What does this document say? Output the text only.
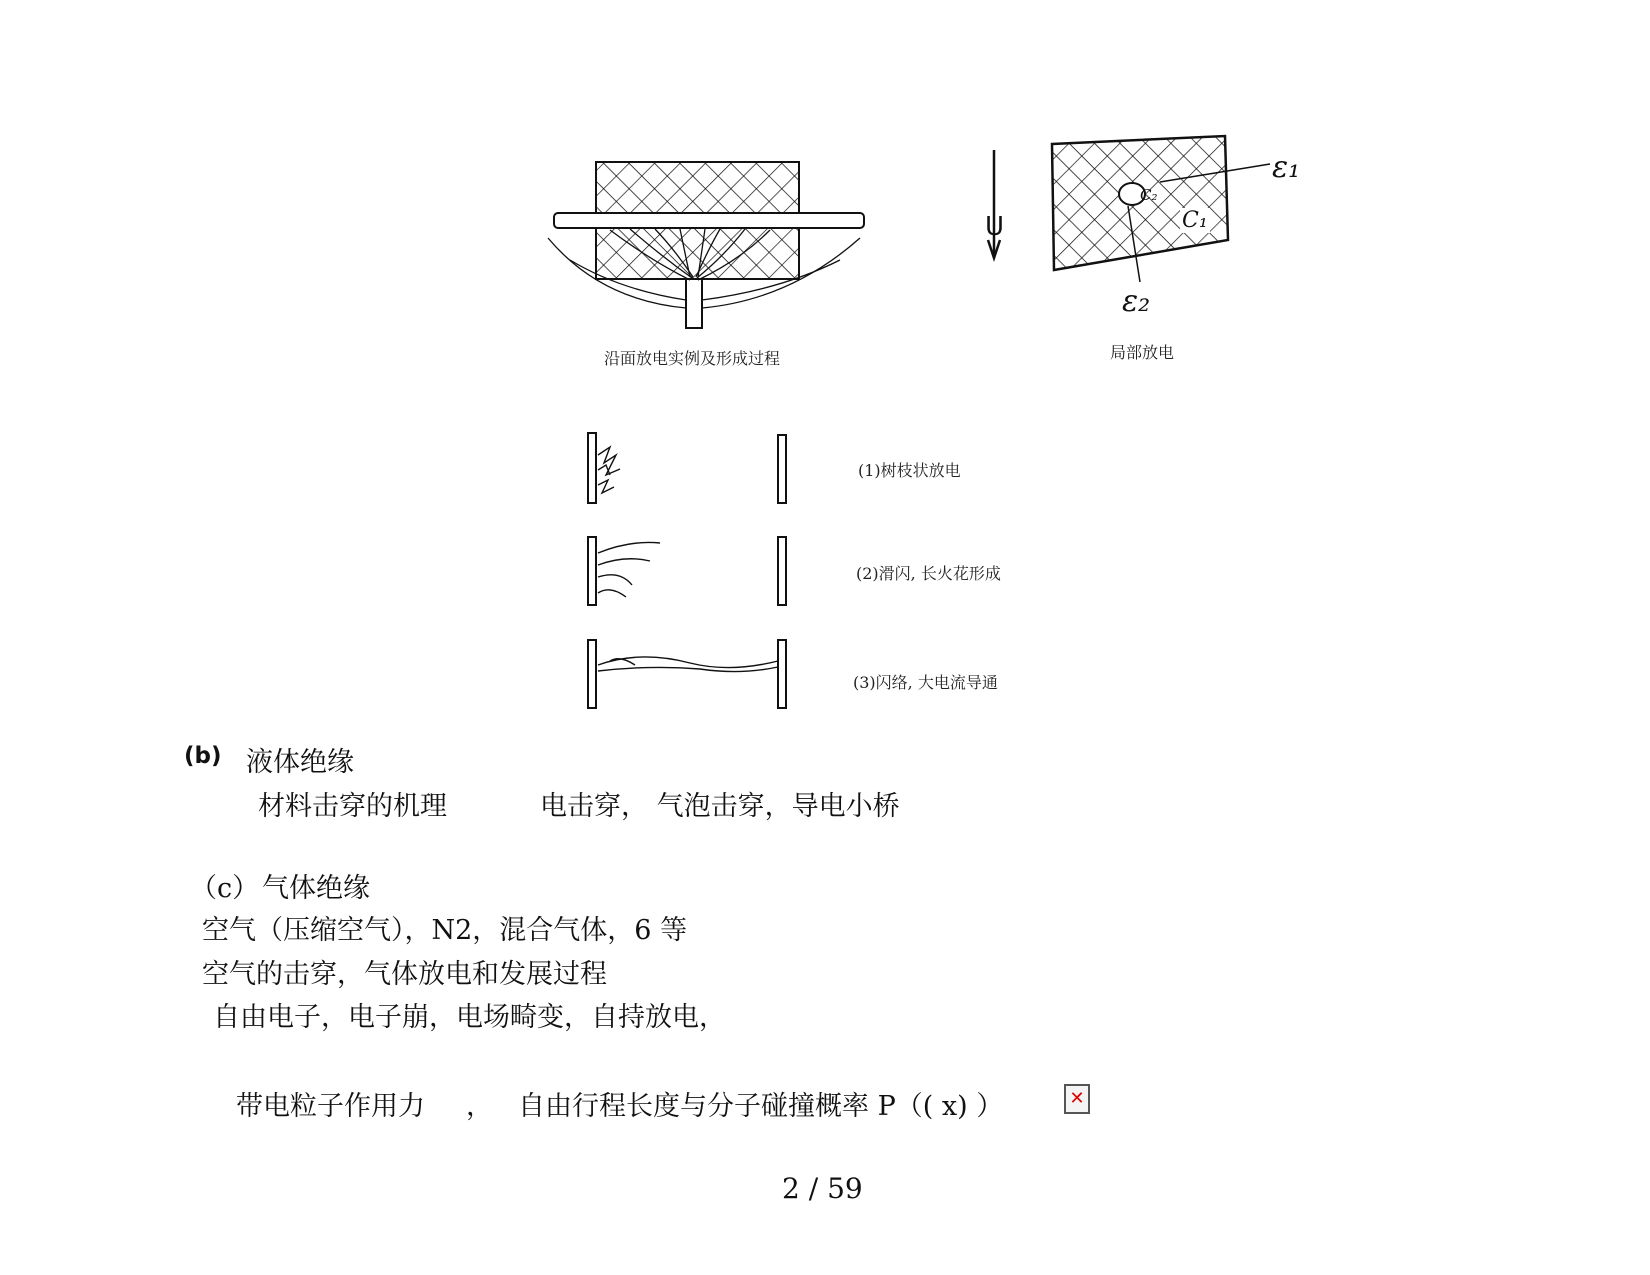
沿面放电实例及形成过程
U
ε₁
ε₂
C₁
C₂
局部放电
(1)树枝状放电
(2)滑闪, 长火花形成
(3)闪络, 大电流导通
(b) 液体绝缘
材料击穿的机理	电击穿， 气泡击穿，导电小桥
（c） 气体绝缘
空气（压缩空气），N2，混合气体，6 等
空气的击穿，气体放电和发展过程
自由电子，电子崩，电场畸变，自持放电，
带电粒子作用力 ， 自由行程长度与分子碰撞概率 P（( x) ）	✕
2 / 59
